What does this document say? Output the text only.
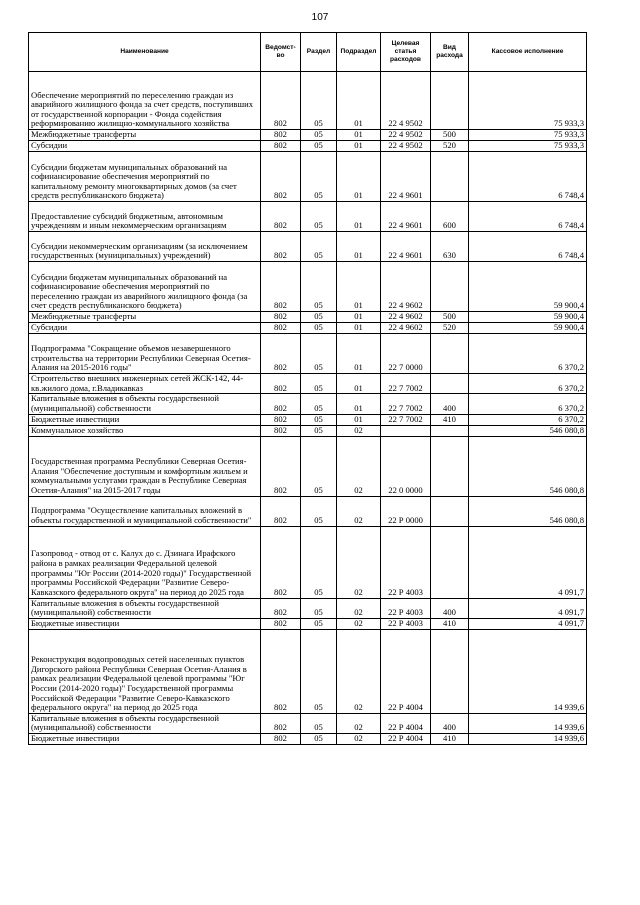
107
Наименование	Ведомст-во	Раздел	Подраздел	Целевая статья расходов	Вид расхода	Кассовое исполнение
Обеспечение мероприятий по переселению граждан из аварийного жилищного фонда за счет средств, поступивших от государственной корпорации - Фонда содействия реформированию жилищно-коммунального хозяйства	802	05	01	22 4 9502		75 933,3
Межбюджетные трансферты	802	05	01	22 4 9502	500	75 933,3
Субсидии	802	05	01	22 4 9502	520	75 933,3
Субсидии бюджетам муниципальных образований на софинансирование обеспечения мероприятий по капитальному ремонту многоквартирных домов (за счет средств республиканского бюджета)	802	05	01	22 4 9601		6 748,4
Предоставление субсидий бюджетным, автономным учреждениям и иным некоммерческим организациям	802	05	01	22 4 9601	600	6 748,4
Субсидии некоммерческим организациям (за исключением государственных (муниципальных) учреждений)	802	05	01	22 4 9601	630	6 748,4
Субсидии бюджетам муниципальных образований на софинансирование обеспечения мероприятий по переселению граждан из аварийного жилищного фонда (за счет средств республиканского бюджета)	802	05	01	22 4 9602		59 900,4
Межбюджетные трансферты	802	05	01	22 4 9602	500	59 900,4
Субсидии	802	05	01	22 4 9602	520	59 900,4
Подпрограмма "Сокращение объемов незавершенного строительства на территории Республики Северная Осетия-Алания на 2015-2016 годы"	802	05	01	22 7 0000		6 370,2
Строительство внешних инженерных сетей ЖСК-142, 44-кв.жилого дома, г.Владикавказ	802	05	01	22 7 7002		6 370,2
Капитальные вложения в объекты государственной (муниципальной) собственности	802	05	01	22 7 7002	400	6 370,2
Бюджетные инвестиции	802	05	01	22 7 7002	410	6 370,2
Коммунальное хозяйство	802	05	02			546 080,8
Государственная программа Республики Северная Осетия-Алания "Обеспечение доступным и комфортным жильем и коммунальными услугами граждан в Республике Северная Осетия-Алания" на 2015-2017 годы	802	05	02	22 0 0000		546 080,8
Подпрограмма "Осуществление капитальных вложений в объекты государственной и муниципальной собственности"	802	05	02	22 Р 0000		546 080,8
Газопровод - отвод от с. Калух до с. Дзинага Ирафского района в рамках реализации Федеральной целевой программы "Юг России (2014-2020 годы)" Государственной программы Российской Федерации "Развитие Северо-Кавказского федерального округа" на период до 2025 года	802	05	02	22 Р 4003		4 091,7
Капитальные вложения в объекты государственной (муниципальной) собственности	802	05	02	22 Р 4003	400	4 091,7
Бюджетные инвестиции	802	05	02	22 Р 4003	410	4 091,7
Реконструкция водопроводных сетей населенных пунктов Дигорского района Республики Северная Осетия-Алания в рамках реализации Федеральной целевой программы "Юг России (2014-2020 годы)" Государственной программы Российской Федерации "Развитие Северо-Кавказского федерального округа" на период до 2025 года	802	05	02	22 Р 4004		14 939,6
Капитальные вложения в объекты государственной (муниципальной) собственности	802	05	02	22 Р 4004	400	14 939,6
Бюджетные инвестиции	802	05	02	22 Р 4004	410	14 939,6
